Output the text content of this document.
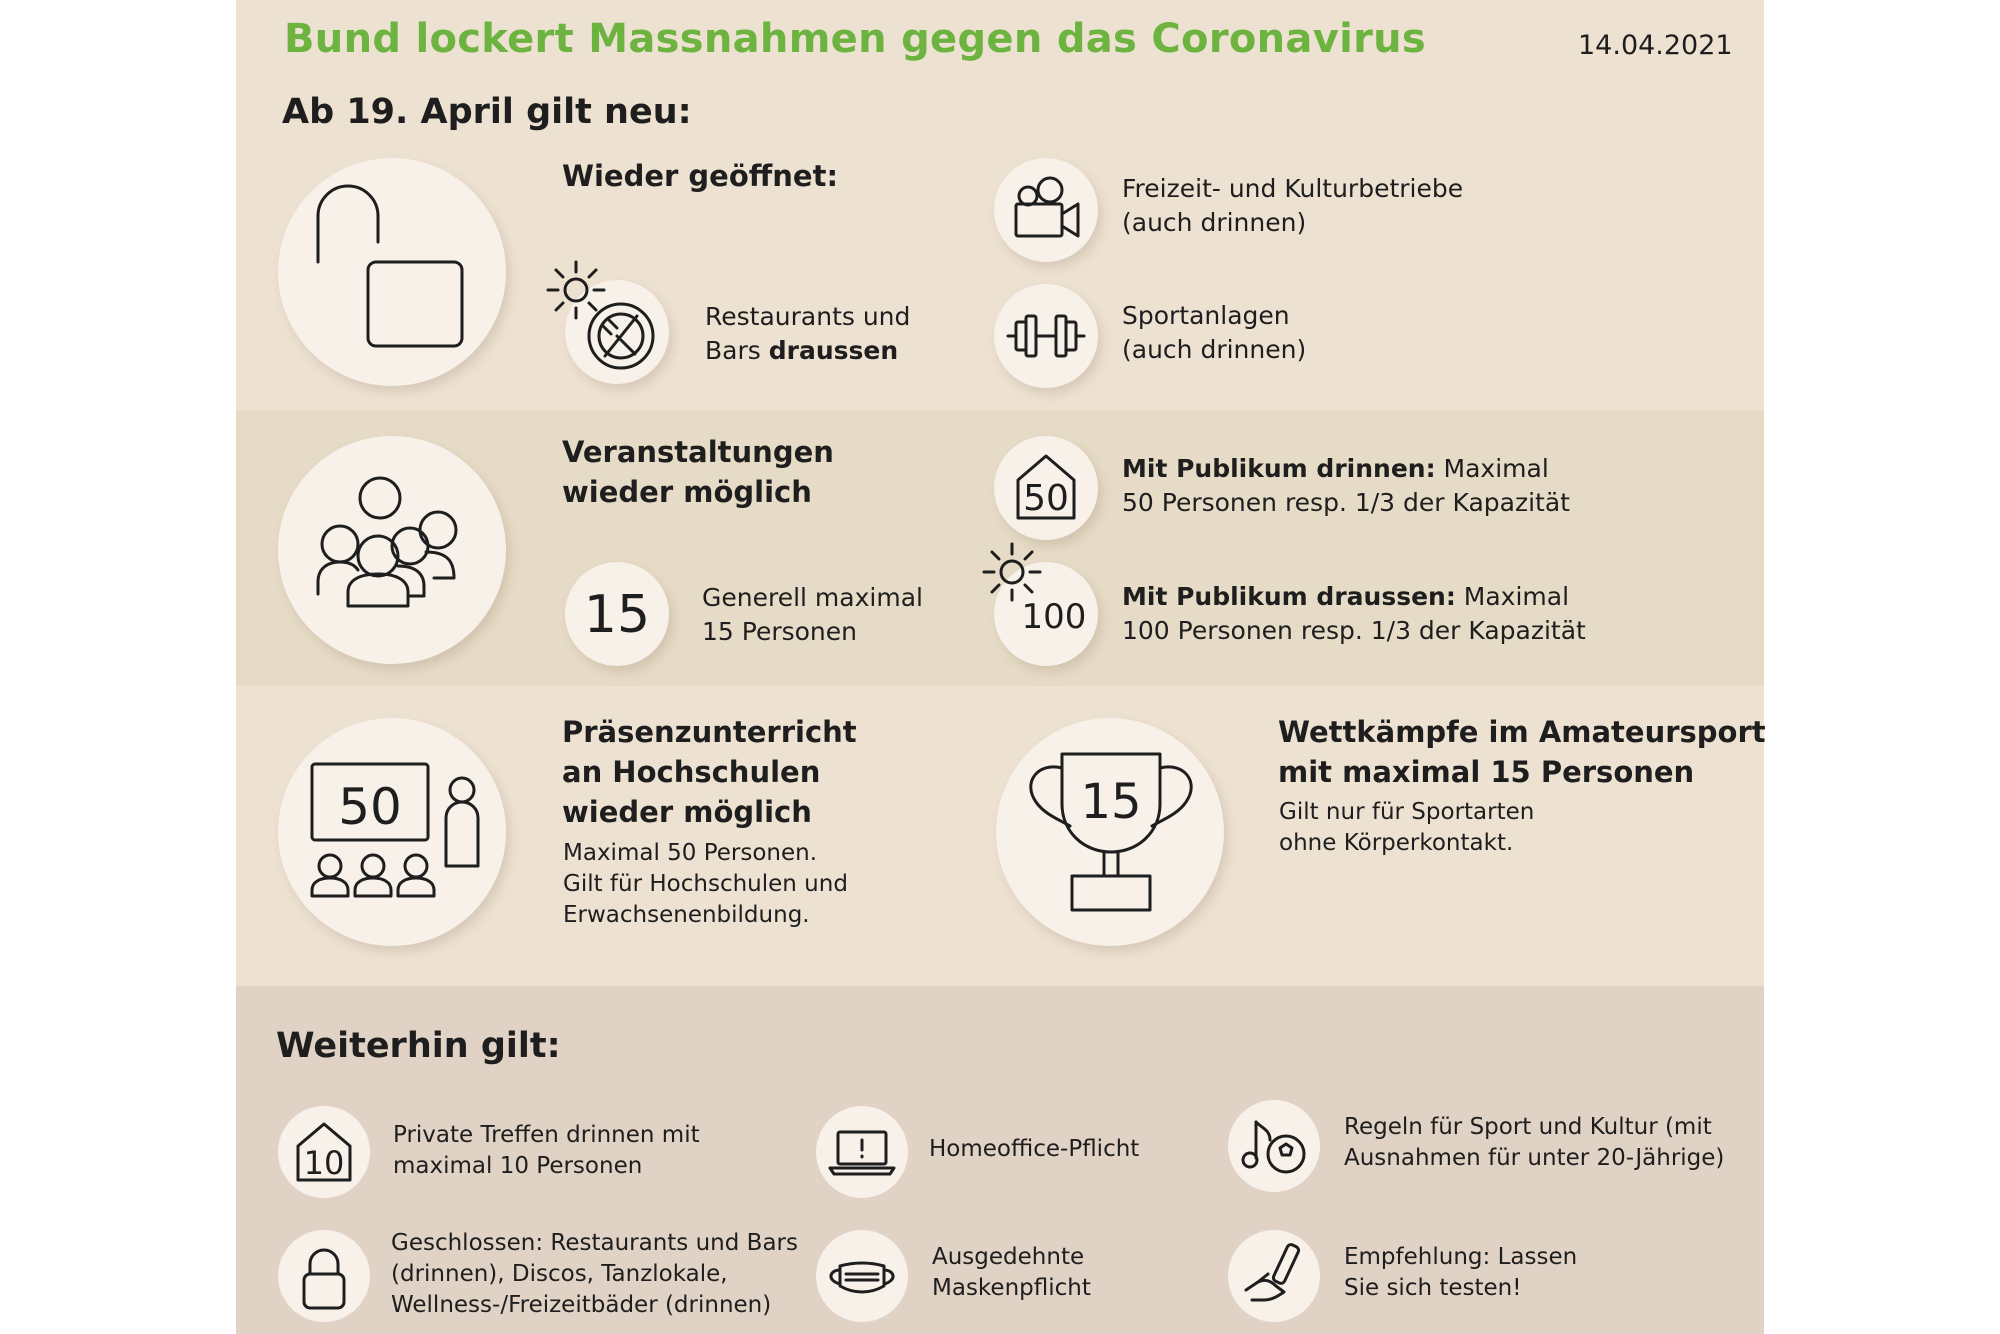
Bund lockert Massnahmen gegen das Coronavirus	14.04.2021
Ab 19. April gilt neu:
Wieder geöffnet:
Restaurants und
Bars draussen
Freizeit- und Kulturbetriebe
(auch drinnen)
Sportanlagen
(auch drinnen)
Veranstaltungen
wieder möglich
15 Generell maximal
15 Personen
50
Mit Publikum drinnen: Maximal
50 Personen resp. 1/3 der Kapazität
100
Mit Publikum draussen: Maximal
100 Personen resp. 1/3 der Kapazität
50
Präsenzunterricht
an Hochschulen
wieder möglich
Maximal 50 Personen.
Gilt für Hochschulen und
Erwachsenenbildung.
15
Wettkämpfe im Amateursport
mit maximal 15 Personen
Gilt nur für Sportarten
ohne Körperkontakt.
Weiterhin gilt:
10
Private Treffen drinnen mit
maximal 10 Personen
Homeoffice-Pflicht
Regeln für Sport und Kultur (mit
Ausnahmen für unter 20-Jährige)
Geschlossen: Restaurants und Bars
(drinnen), Discos, Tanzlokale,
Wellness-/Freizeitbäder (drinnen)
Ausgedehnte
Maskenpflicht
Empfehlung: Lassen
Sie sich testen!
